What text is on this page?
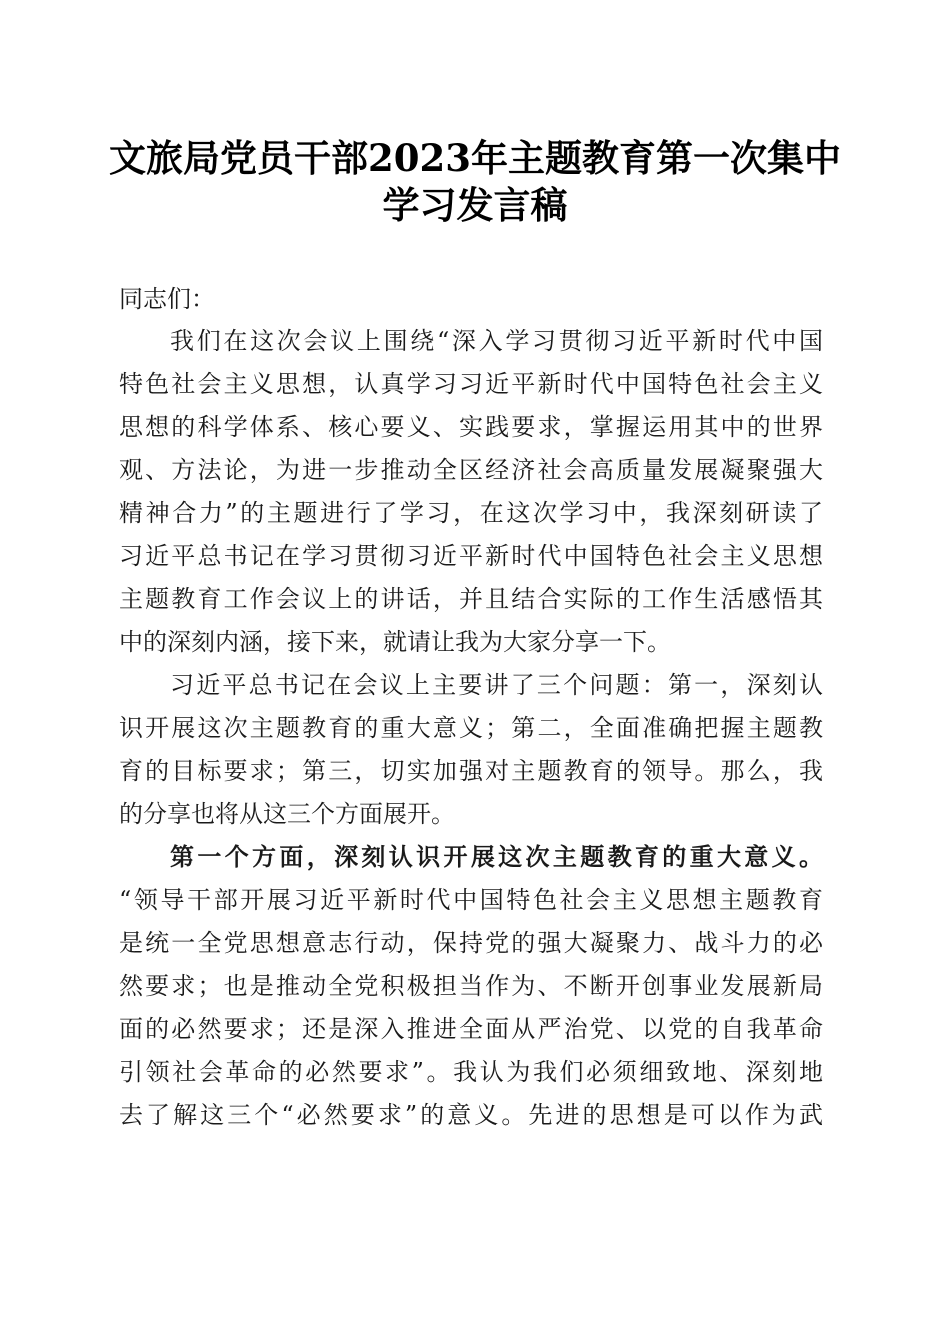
文旅局党员干部2023年主题教育第一次集中
学习发言稿
同志们：
我们在这次会议上围绕“深入学习贯彻习近平新时代中国
特色社会主义思想，认真学习习近平新时代中国特色社会主义
思想的科学体系、核心要义、实践要求，掌握运用其中的世界
观、方法论，为进一步推动全区经济社会高质量发展凝聚强大
精神合力”的主题进行了学习，在这次学习中，我深刻研读了
习近平总书记在学习贯彻习近平新时代中国特色社会主义思想
主题教育工作会议上的讲话，并且结合实际的工作生活感悟其
中的深刻内涵，接下来，就请让我为大家分享一下。
习近平总书记在会议上主要讲了三个问题：第一，深刻认
识开展这次主题教育的重大意义；第二，全面准确把握主题教
育的目标要求；第三，切实加强对主题教育的领导。那么，我
的分享也将从这三个方面展开。
第一个方面，深刻认识开展这次主题教育的重大意义。
“领导干部开展习近平新时代中国特色社会主义思想主题教育
是统一全党思想意志行动，保持党的强大凝聚力、战斗力的必
然要求；也是推动全党积极担当作为、不断开创事业发展新局
面的必然要求；还是深入推进全面从严治党、以党的自我革命
引领社会革命的必然要求”。我认为我们必须细致地、深刻地
去了解这三个“必然要求”的意义。先进的思想是可以作为武
